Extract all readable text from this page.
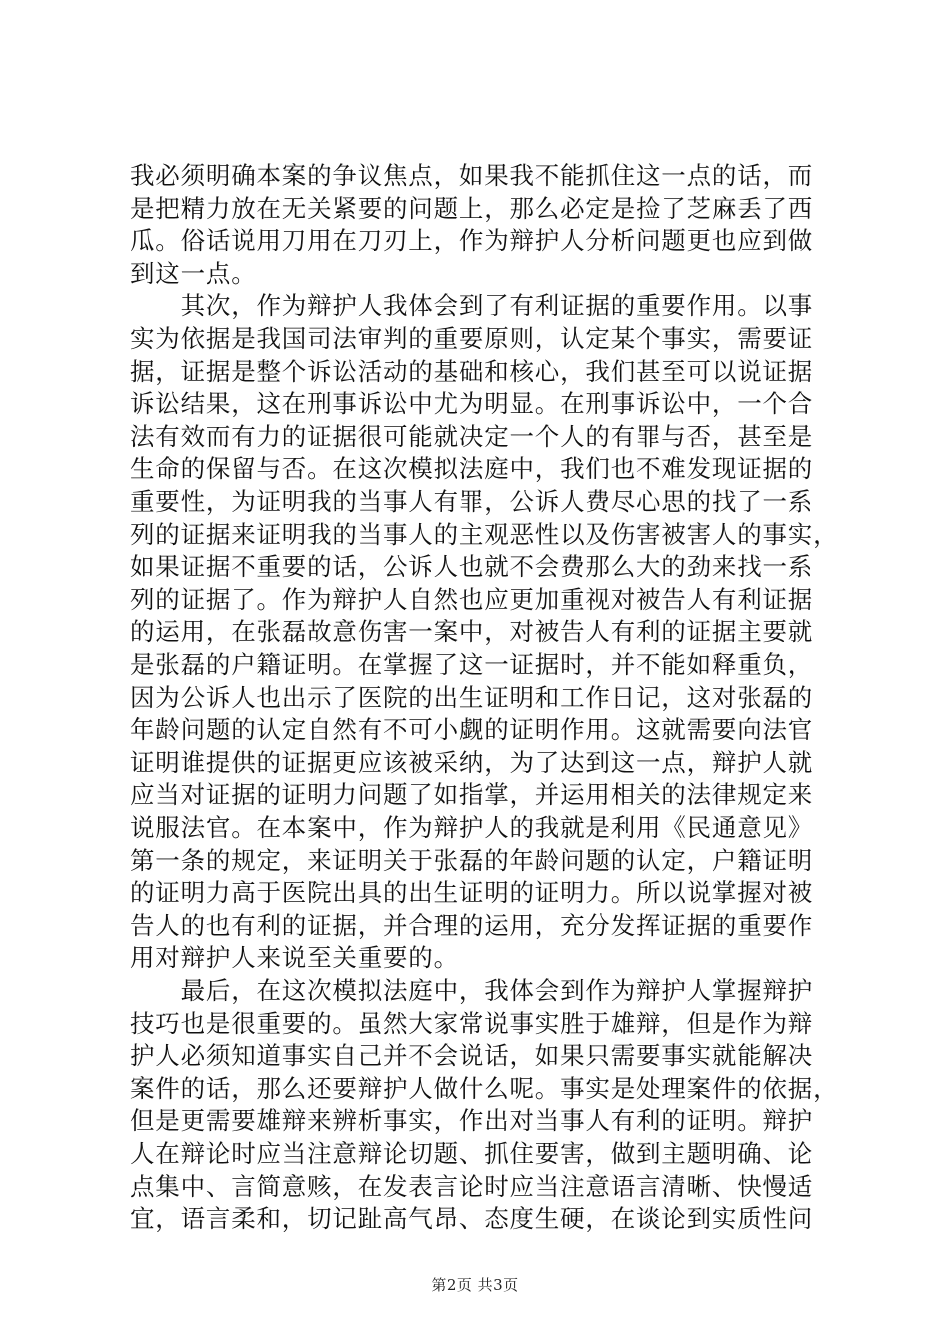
我必须明确本案的争议焦点，如果我不能抓住这一点的话，而
是把精力放在无关紧要的问题上，那么必定是捡了芝麻丢了西
瓜。俗话说用刀用在刀刃上，作为辩护人分析问题更也应到做
到这一点。
　　其次，作为辩护人我体会到了有利证据的重要作用。以事
实为依据是我国司法审判的重要原则，认定某个事实，需要证
据，证据是整个诉讼活动的基础和核心，我们甚至可以说证据
诉讼结果，这在刑事诉讼中尤为明显。在刑事诉讼中，一个合
法有效而有力的证据很可能就决定一个人的有罪与否，甚至是
生命的保留与否。在这次模拟法庭中，我们也不难发现证据的
重要性，为证明我的当事人有罪，公诉人费尽心思的找了一系
列的证据来证明我的当事人的主观恶性以及伤害被害人的事实，
如果证据不重要的话，公诉人也就不会费那么大的劲来找一系
列的证据了。作为辩护人自然也应更加重视对被告人有利证据
的运用，在张磊故意伤害一案中，对被告人有利的证据主要就
是张磊的户籍证明。在掌握了这一证据时，并不能如释重负，
因为公诉人也出示了医院的出生证明和工作日记，这对张磊的
年龄问题的认定自然有不可小觑的证明作用。这就需要向法官
证明谁提供的证据更应该被采纳，为了达到这一点，辩护人就
应当对证据的证明力问题了如指掌，并运用相关的法律规定来
说服法官。在本案中，作为辩护人的我就是利用《民通意见》
第一条的规定，来证明关于张磊的年龄问题的认定，户籍证明
的证明力高于医院出具的出生证明的证明力。所以说掌握对被
告人的也有利的证据，并合理的运用，充分发挥证据的重要作
用对辩护人来说至关重要的。
　　最后，在这次模拟法庭中，我体会到作为辩护人掌握辩护
技巧也是很重要的。虽然大家常说事实胜于雄辩，但是作为辩
护人必须知道事实自己并不会说话，如果只需要事实就能解决
案件的话，那么还要辩护人做什么呢。事实是处理案件的依据，
但是更需要雄辩来辨析事实，作出对当事人有利的证明。辩护
人在辩论时应当注意辩论切题、抓住要害，做到主题明确、论
点集中、言简意赅，在发表言论时应当注意语言清晰、快慢适
宜，语言柔和，切记趾高气昂、态度生硬，在谈论到实质性问
第2页 共3页
